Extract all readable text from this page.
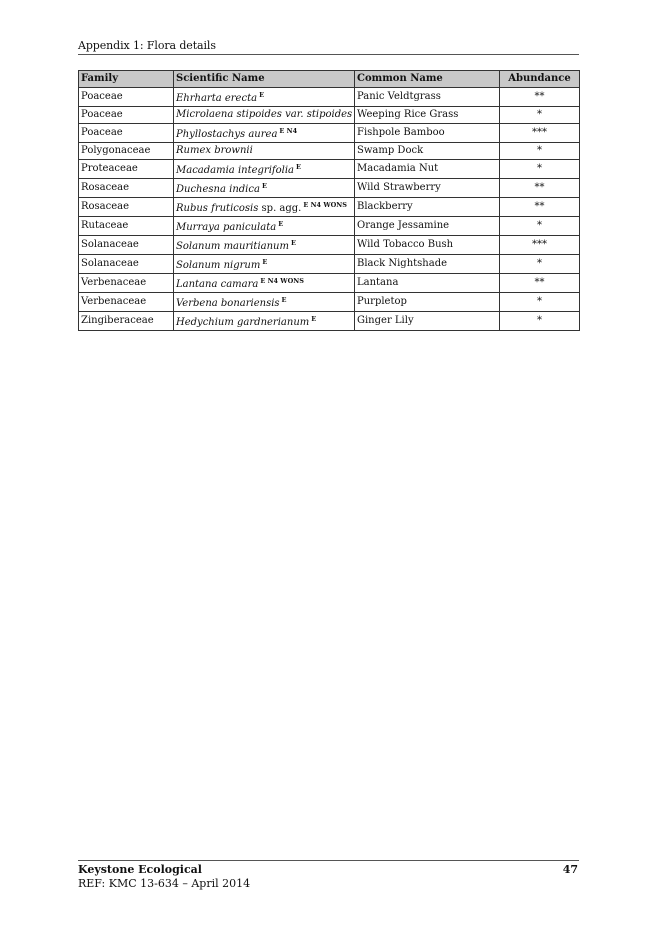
Appendix 1: Flora details
Family	Scientific Name	Common Name	Abundance
Poaceae	Ehrharta erecta $^E$	Panic Veldtgrass	**
Poaceae	Microlaena stipoides var. stipoides	Weeping Rice Grass	*
Poaceae	Phyllostachys aurea $^{E N4}$	Fishpole Bamboo	***
Polygonaceae	Rumex brownii	Swamp Dock	*
Proteaceae	Macadamia integrifolia $^E$	Macadamia Nut	*
Rosaceae	Duchesna indica $^E$	Wild Strawberry	**
Rosaceae	Rubus fruticosis sp. agg. $^{E N4 WONS}$	Blackberry	**
Rutaceae	Murraya paniculata $^E$	Orange Jessamine	*
Solanaceae	Solanum mauritianum $^E$	Wild Tobacco Bush	***
Solanaceae	Solanum nigrum $^E$	Black Nightshade	*
Verbenaceae	Lantana camara $^{E N4 WONS}$	Lantana	**
Verbenaceae	Verbena bonariensis $^E$	Purpletop	*
Zingiberaceae	Hedychium gardnerianum $^E$	Ginger Lily	*
Keystone Ecological	47
REF: KMC 13-634 – April 2014
